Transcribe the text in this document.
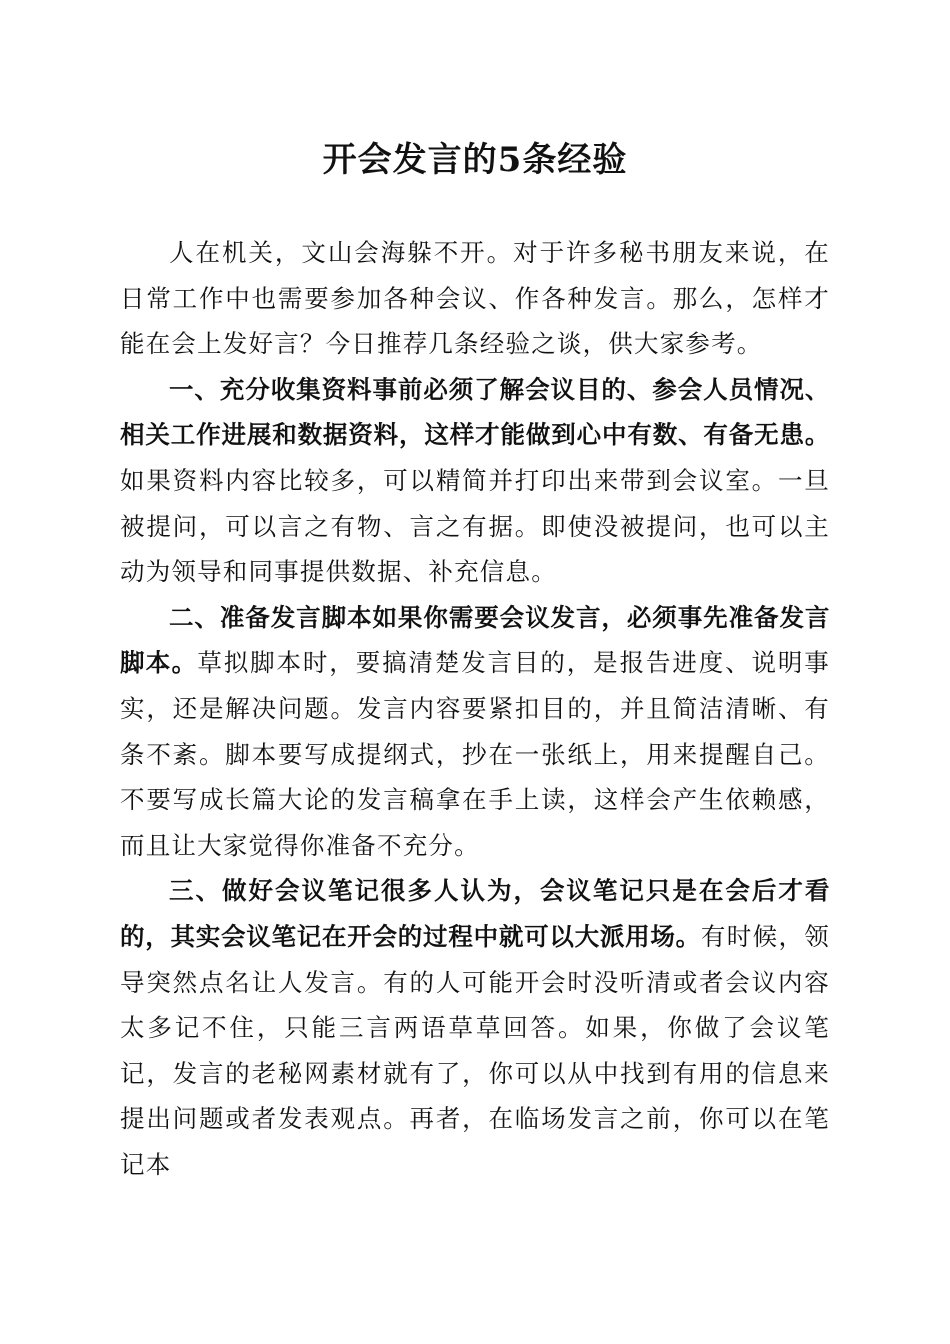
开会发言的5条经验

人在机关，文山会海躲不开。对于许多秘书朋友来说，在日常工作中也需要参加各种会议、作各种发言。那么，怎样才能在会上发好言？今日推荐几条经验之谈，供大家参考。

一、充分收集资料事前必须了解会议目的、参会人员情况、相关工作进展和数据资料，这样才能做到心中有数、有备无患。如果资料内容比较多，可以精简并打印出来带到会议室。一旦被提问，可以言之有物、言之有据。即使没被提问，也可以主动为领导和同事提供数据、补充信息。

二、准备发言脚本如果你需要会议发言，必须事先准备发言脚本。草拟脚本时，要搞清楚发言目的，是报告进度、说明事实，还是解决问题。发言内容要紧扣目的，并且简洁清晰、有条不紊。脚本要写成提纲式，抄在一张纸上，用来提醒自己。不要写成长篇大论的发言稿拿在手上读，这样会产生依赖感，而且让大家觉得你准备不充分。

三、做好会议笔记很多人认为，会议笔记只是在会后才看的，其实会议笔记在开会的过程中就可以大派用场。有时候，领导突然点名让人发言。有的人可能开会时没听清或者会议内容太多记不住，只能三言两语草草回答。如果，你做了会议笔记，发言的老秘网素材就有了，你可以从中找到有用的信息来提出问题或者发表观点。再者，在临场发言之前，你可以在笔记本
